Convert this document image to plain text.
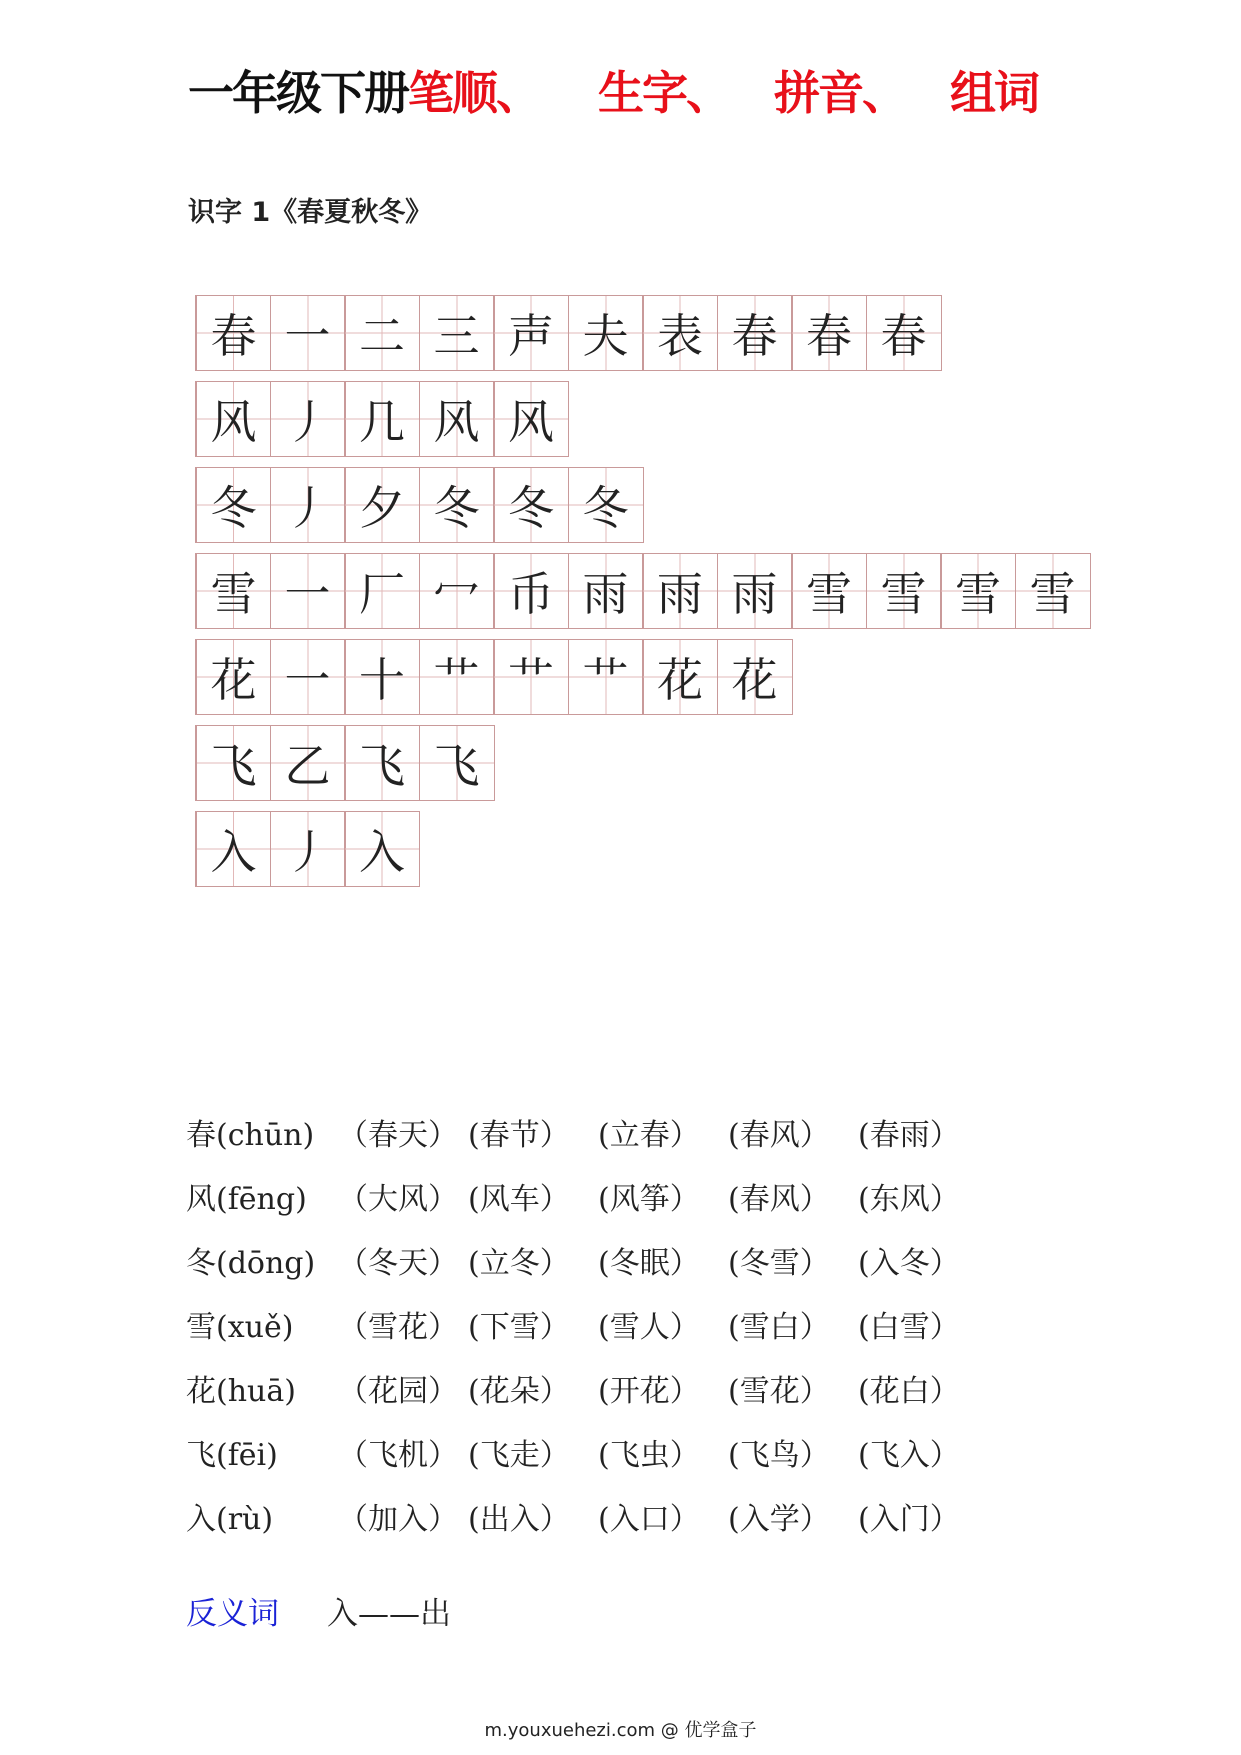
一年级下册笔顺、 生字、 拼音、 组词
识字 1《春夏秋冬》
春 一 二 三 声 夫 表 春 春 春
风 丿 几 风 风
冬 丿 夕 冬 冬 冬
雪 一 厂 冖 币 雨 雨 雨 雪 雪 雪 雪
花 一 十 艹 艹 艹 花 花
飞 乙 飞 飞
入 丿 入
春(chūn) （春天） (春节） (立春） (春风） (春雨）
风(fēng)	（大风） (风车） (风筝） (春风） (东风）
冬(dōng) （冬天） (立冬） (冬眠） (冬雪） (入冬）
雪(xuě)	（雪花） (下雪） (雪人） (雪白） (白雪）
花(huā)	（花园） (花朵） (开花） (雪花） (花白）
飞(fēi)	（飞机） (飞走） (飞虫） (飞鸟） (飞入）
入(rù)	（加入） (出入） (入口） (入学） (入门）
反义词 入——出
m.youxuehezi.com @ 优学盒子
